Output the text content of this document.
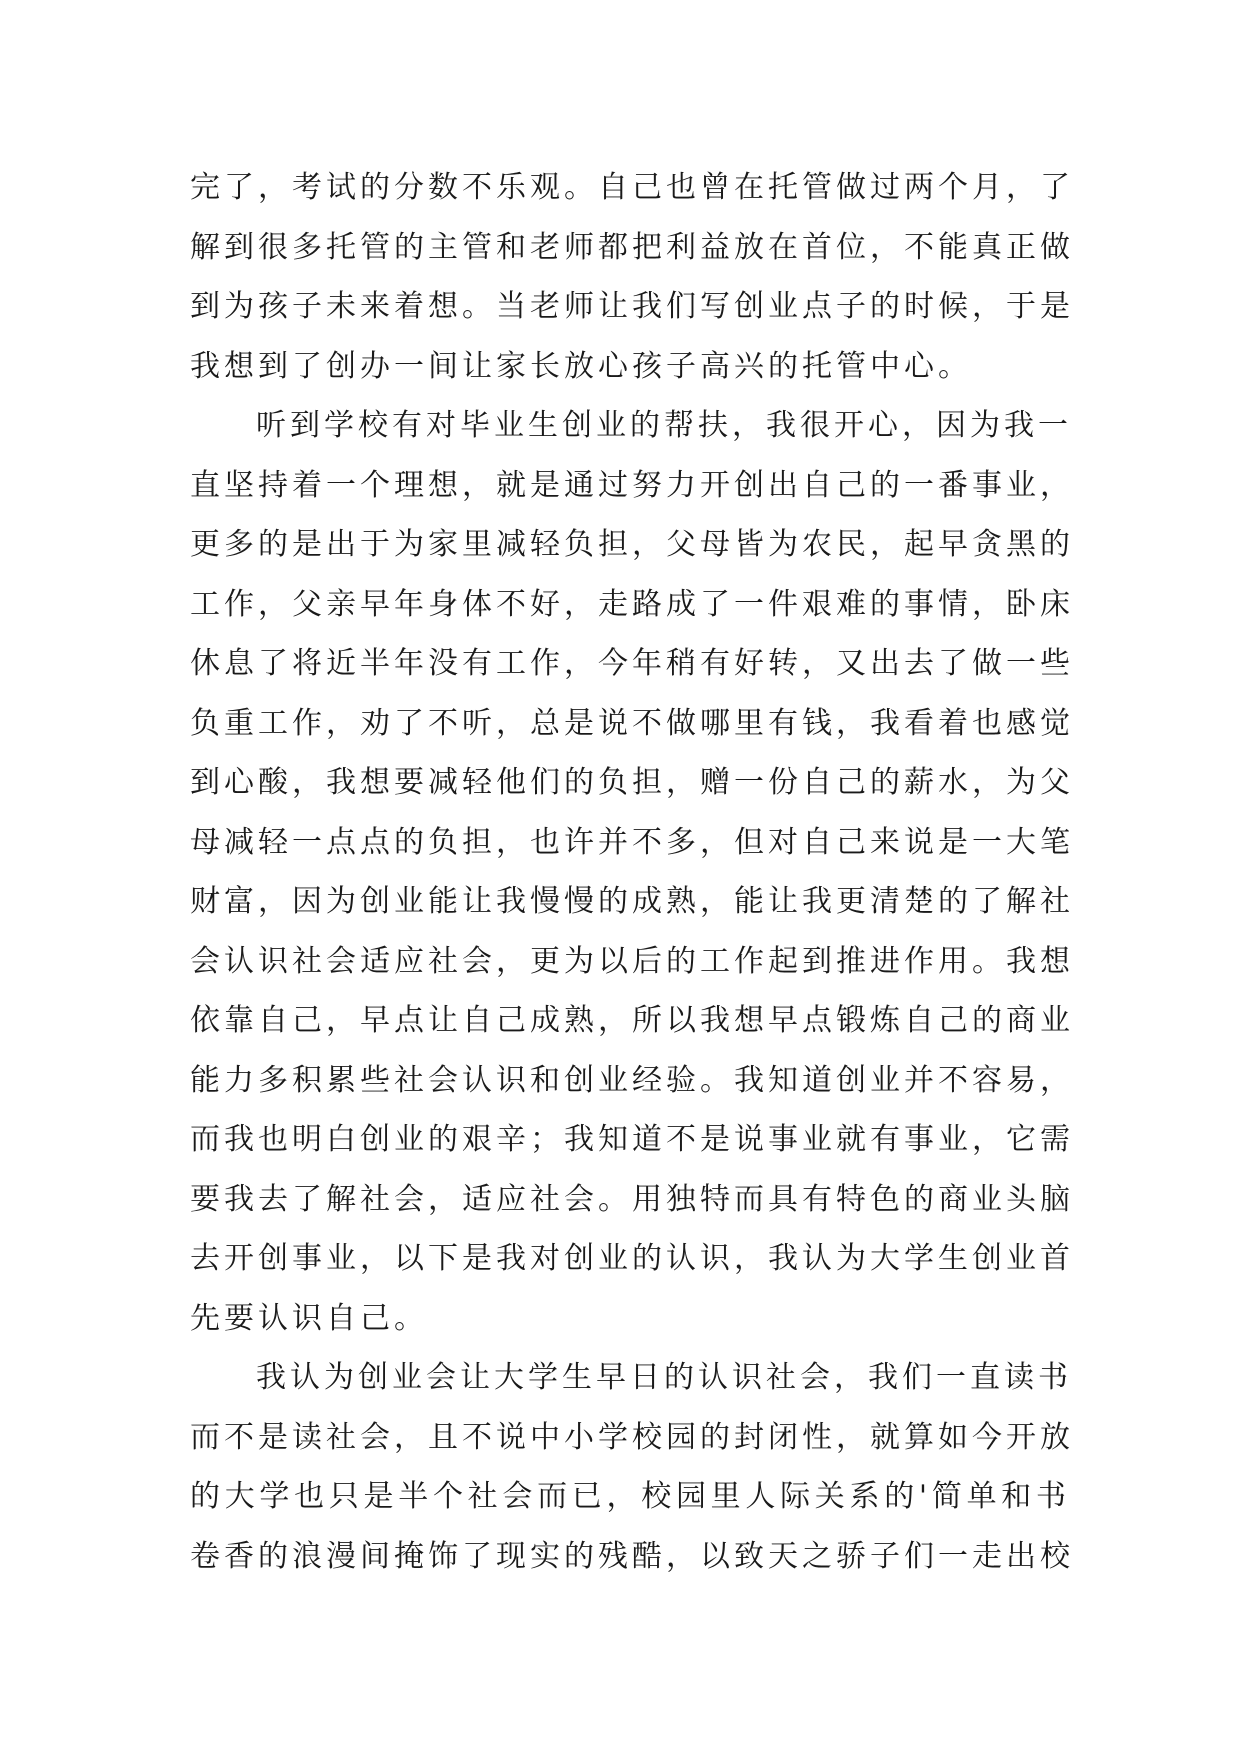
完了，考试的分数不乐观。自己也曾在托管做过两个月，了
解到很多托管的主管和老师都把利益放在首位，不能真正做
到为孩子未来着想。当老师让我们写创业点子的时候，于是
我想到了创办一间让家长放心孩子高兴的托管中心。
听到学校有对毕业生创业的帮扶，我很开心，因为我一
直坚持着一个理想，就是通过努力开创出自己的一番事业，
更多的是出于为家里减轻负担，父母皆为农民，起早贪黑的
工作，父亲早年身体不好，走路成了一件艰难的事情，卧床
休息了将近半年没有工作，今年稍有好转，又出去了做一些
负重工作，劝了不听，总是说不做哪里有钱，我看着也感觉
到心酸，我想要减轻他们的负担，赠一份自己的薪水，为父
母减轻一点点的负担，也许并不多，但对自己来说是一大笔
财富，因为创业能让我慢慢的成熟，能让我更清楚的了解社
会认识社会适应社会，更为以后的工作起到推进作用。我想
依靠自己，早点让自己成熟，所以我想早点锻炼自己的商业
能力多积累些社会认识和创业经验。我知道创业并不容易，
而我也明白创业的艰辛；我知道不是说事业就有事业，它需
要我去了解社会，适应社会。用独特而具有特色的商业头脑
去开创事业，以下是我对创业的认识，我认为大学生创业首
先要认识自己。
我认为创业会让大学生早日的认识社会，我们一直读书
而不是读社会，且不说中小学校园的封闭性，就算如今开放
的大学也只是半个社会而已，校园里人际关系的'简单和书
卷香的浪漫间掩饰了现实的残酷，以致天之骄子们一走出校
